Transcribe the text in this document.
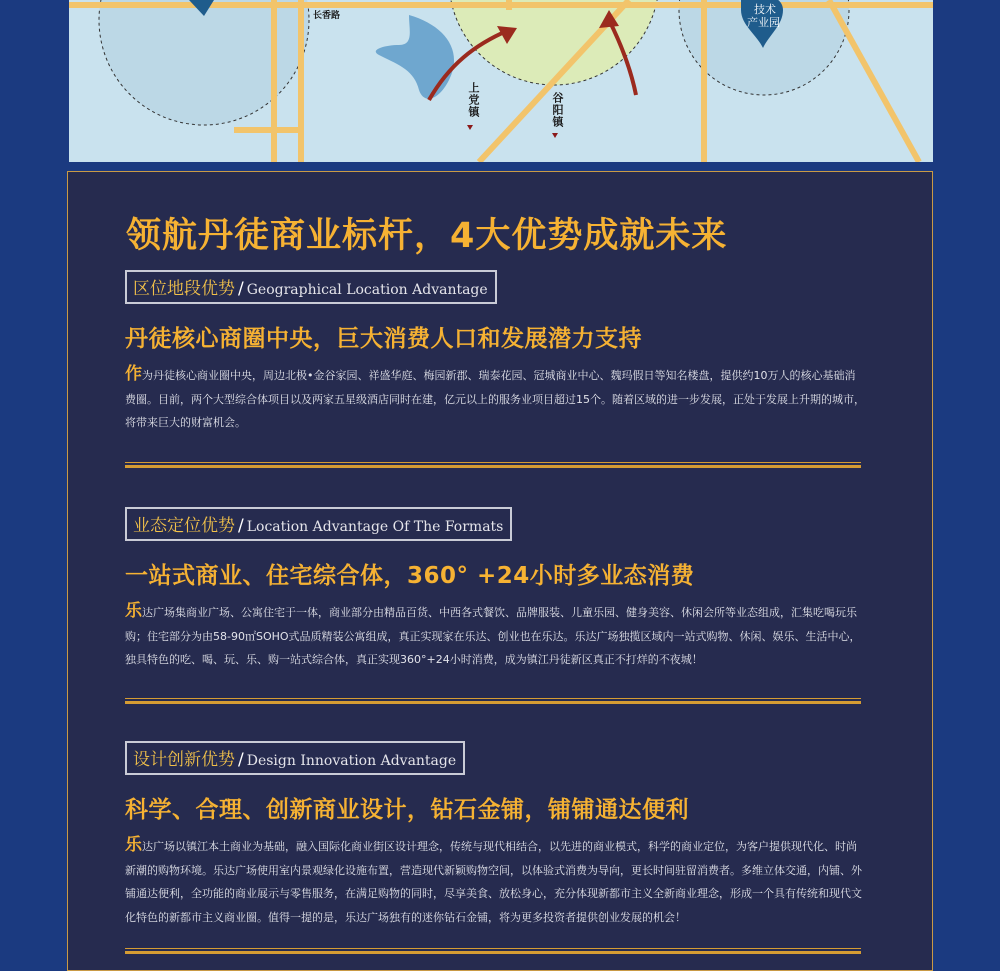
长香路
上党镇	谷阳镇
技术
产业园
领航丹徒商业标杆，4大优势成就未来
区位地段优势 / Geographical Location Advantage
丹徒核心商圈中央，巨大消费人口和发展潜力支持

作为丹徒核心商业圈中央，周边北极•金谷家园、祥盛华庭、梅园新郡、瑞泰花园、冠城商业中心、魏玛假日等知名楼盘，提供约10万人的核心基础消费圈。目前，两个大型综合体项目以及两家五星级酒店同时在建，亿元以上的服务业项目超过15个。随着区域的进一步发展，正处于发展上升期的城市，将带来巨大的财富机会。

业态定位优势 / Location Advantage Of The Formats
一站式商业、住宅综合体，360° +24小时多业态消费

乐达广场集商业广场、公寓住宅于一体，商业部分由精品百货、中西各式餐饮、品牌服装、儿童乐园、健身美容、休闲会所等业态组成，汇集吃喝玩乐购；住宅部分为由58-90㎡SOHO式品质精装公寓组成，真正实现家在乐达、创业也在乐达。乐达广场独揽区域内一站式购物、休闲、娱乐、生活中心，独具特色的吃、喝、玩、乐、购一站式综合体，真正实现360°+24小时消费，成为镇江丹徒新区真正不打烊的不夜城！

设计创新优势 / Design Innovation Advantage
科学、合理、创新商业设计，钻石金铺，铺铺通达便利

乐达广场以镇江本土商业为基础，融入国际化商业街区设计理念，传统与现代相结合，以先进的商业模式，科学的商业定位，为客户提供现代化、时尚新潮的购物环境。乐达广场使用室内景观绿化设施布置，营造现代新颖购物空间，以体验式消费为导向，更长时间驻留消费者。多维立体交通，内铺、外铺通达便利，全功能的商业展示与零售服务，在满足购物的同时，尽享美食、放松身心，充分体现新都市主义全新商业理念，形成一个具有传统和现代文化特色的新都市主义商业圈。值得一提的是，乐达广场独有的迷你钻石金铺，将为更多投资者提供创业发展的机会！
